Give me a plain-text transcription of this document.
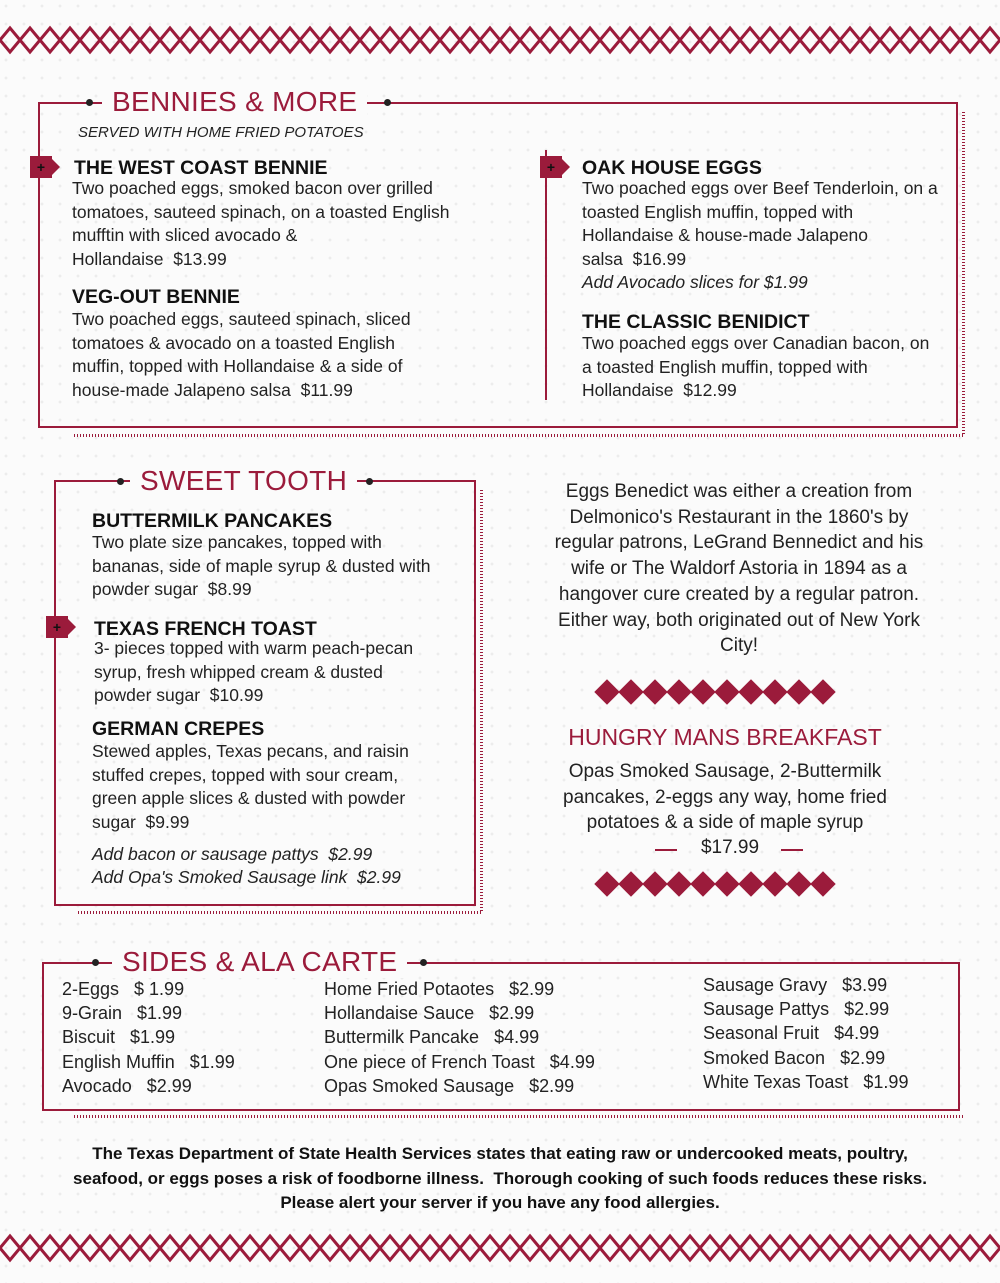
BENNIES & MORE
SERVED WITH HOME FRIED POTATOES
+	THE WEST COAST BENNIE
Two poached eggs, smoked bacon over grilled tomatoes, sauteed spinach, on a toasted English mufftin with sliced avocado & Hollandaise $13.99
VEG-OUT BENNIE
Two poached eggs, sauteed spinach, sliced tomatoes & avocado on a toasted English muffin, topped with Hollandaise & a side of house-made Jalapeno salsa $11.99
+	OAK HOUSE EGGS
Two poached eggs over Beef Tenderloin, on a toasted English muffin, topped with Hollandaise & house-made Jalapeno salsa $16.99
Add Avocado slices for $1.99
THE CLASSIC BENIDICT
Two poached eggs over Canadian bacon, on a toasted English muffin, topped with Hollandaise $12.99
SWEET TOOTH
BUTTERMILK PANCAKES
Two plate size pancakes, topped with bananas, side of maple syrup & dusted with powder sugar $8.99
+	TEXAS FRENCH TOAST
3- pieces topped with warm peach-pecan syrup, fresh whipped cream & dusted powder sugar $10.99
GERMAN CREPES
Stewed apples, Texas pecans, and raisin stuffed crepes, topped with sour cream, green apple slices & dusted with powder sugar $9.99
Add bacon or sausage pattys  $2.99
Add Opa's Smoked Sausage link  $2.99
Eggs Benedict was either a creation from Delmonico's Restaurant in the 1860's by regular patrons, LeGrand Bennedict and his wife or The Waldorf Astoria in 1894 as a hangover cure created by a regular patron. Either way, both originated out of New York City!
HUNGRY MANS BREAKFAST
Opas Smoked Sausage, 2-Buttermilk pancakes, 2-eggs any way, home fried potatoes & a side of maple syrup
$17.99
SIDES & ALA CARTE
2-Eggs   $ 1.99
9-Grain   $1.99
Biscuit   $1.99
English Muffin   $1.99
Avocado   $2.99
Home Fried Potaotes   $2.99
Hollandaise Sauce   $2.99
Buttermilk Pancake   $4.99
One piece of French Toast   $4.99
Opas Smoked Sausage   $2.99
Sausage Gravy   $3.99
Sausage Pattys   $2.99
Seasonal Fruit   $4.99
Smoked Bacon   $2.99
White Texas Toast   $1.99
The Texas Department of State Health Services states that eating raw or undercooked meats, poultry,
seafood, or eggs poses a risk of foodborne illness.  Thorough cooking of such foods reduces these risks.
Please alert your server if you have any food allergies.
